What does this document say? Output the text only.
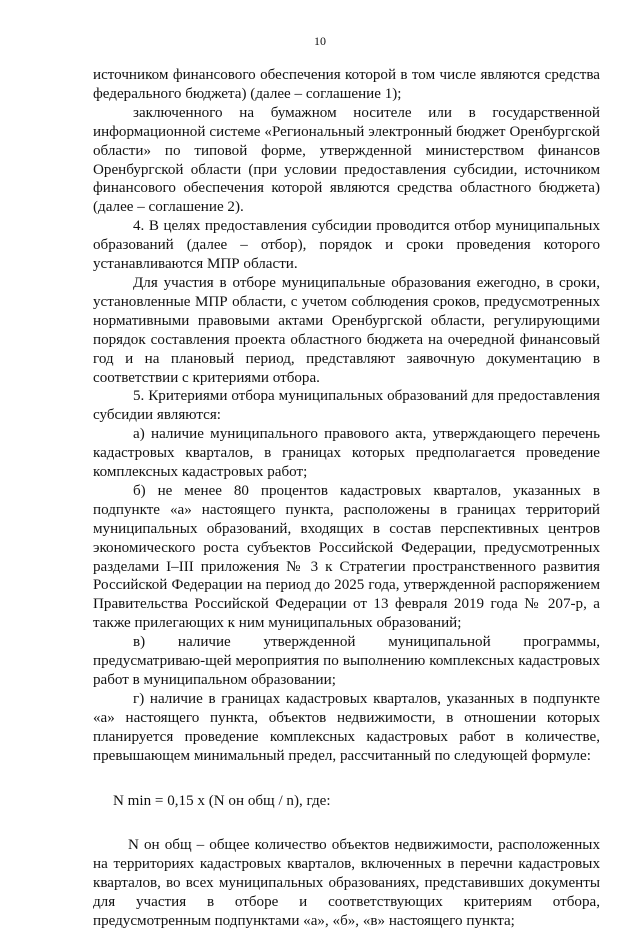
10

источником финансового обеспечения которой в том числе являются средства федерального бюджета) (далее – соглашение 1);

заключенного на бумажном носителе или в государственной информационной системе «Региональный электронный бюджет Оренбургской области» по типовой форме, утвержденной министерством финансов Оренбургской области (при условии предоставления субсидии, источником финансового обеспечения которой являются средства областного бюджета) (далее – соглашение 2).

4. В целях предоставления субсидии проводится отбор муниципальных образований (далее – отбор), порядок и сроки проведения которого устанавливаются МПР области.

Для участия в отборе муниципальные образования ежегодно, в сроки, установленные МПР области, с учетом соблюдения сроков, предусмотренных нормативными правовыми актами Оренбургской области, регулирующими порядок составления проекта областного бюджета на очередной финансовый год и на плановый период, представляют заявочную документацию в соответствии с критериями отбора.

5. Критериями отбора муниципальных образований для предоставления субсидии являются:

а) наличие муниципального правового акта, утверждающего перечень кадастровых кварталов, в границах которых предполагается проведение комплексных кадастровых работ;

б) не менее 80 процентов кадастровых кварталов, указанных в подпункте «а» настоящего пункта, расположены в границах территорий муниципальных образований, входящих в состав перспективных центров экономического роста субъектов Российской Федерации, предусмотренных разделами I–III приложения № 3 к Стратегии пространственного развития Российской Федерации на период до 2025 года, утвержденной распоряжением Правительства Российской Федерации от 13 февраля 2019 года № 207-р, а также прилегающих к ним муниципальных образований;

в) наличие утвержденной муниципальной программы, предусматриваю-щей мероприятия по выполнению комплексных кадастровых работ в муниципальном образовании;

г) наличие в границах кадастровых кварталов, указанных в подпункте «а» настоящего пункта, объектов недвижимости, в отношении которых планируется проведение комплексных кадастровых работ в количестве, превышающем минимальный предел, рассчитанный по следующей формуле:

N min = 0,15 x (N он общ / n), где:

N он общ – общее количество объектов недвижимости, расположенных на территориях кадастровых кварталов, включенных в перечни кадастровых кварталов, во всех муниципальных образованиях, представивших документы для участия в отборе и соответствующих критериям отбора, предусмотренным подпунктами «а», «б», «в» настоящего пункта;
